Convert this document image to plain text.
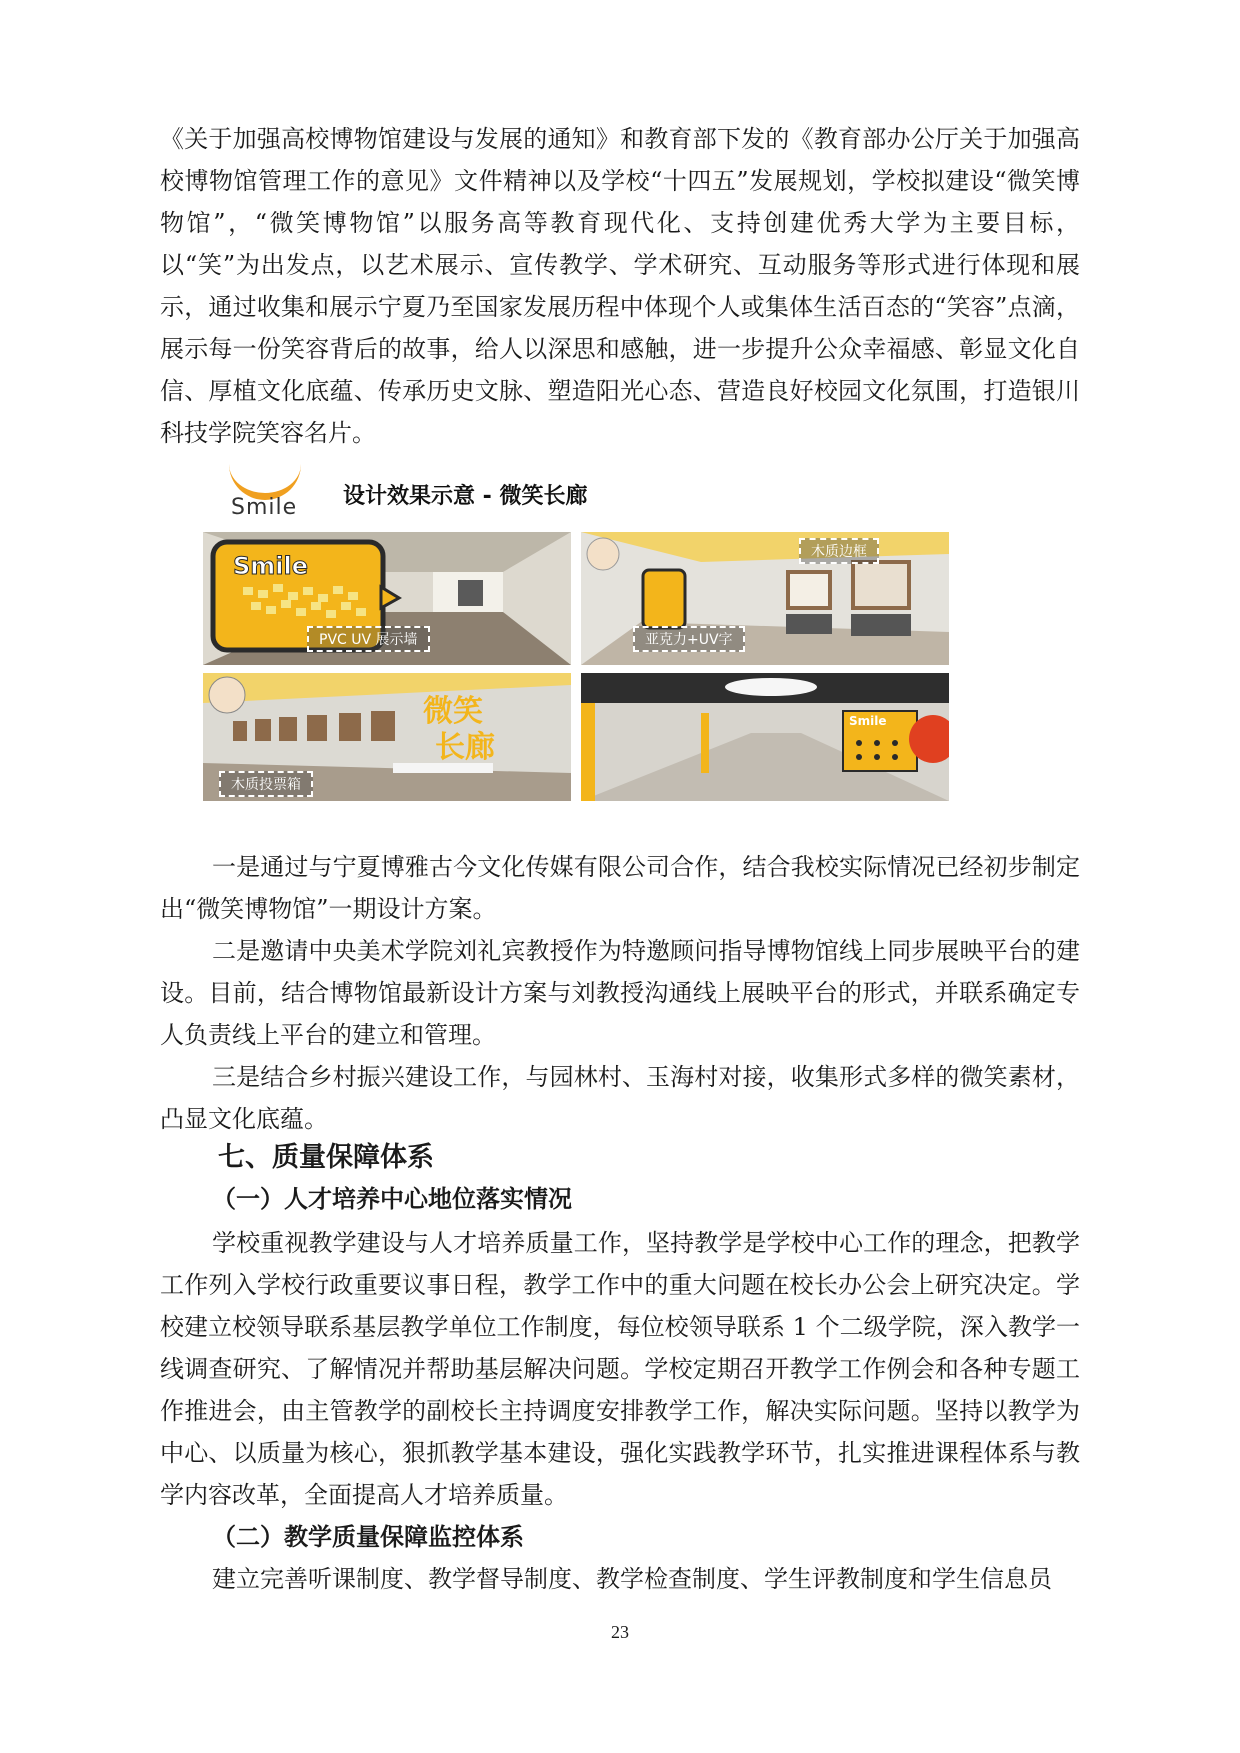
《关于加强高校博物馆建设与发展的通知》和教育部下发的《教育部办公厅关于加强高校博物馆管理工作的意见》文件精神以及学校“十四五”发展规划，学校拟建设“微笑博物馆”，“微笑博物馆”以服务高等教育现代化、支持创建优秀大学为主要目标，以“笑”为出发点，以艺术展示、宣传教学、学术研究、互动服务等形式进行体现和展示，通过收集和展示宁夏乃至国家发展历程中体现个人或集体生活百态的“笑容”点滴，展示每一份笑容背后的故事，给人以深思和感触，进一步提升公众幸福感、彰显文化自信、厚植文化底蕴、传承历史文脉、塑造阳光心态、营造良好校园文化氛围，打造银川科技学院笑容名片。

Smile 设计效果示意 - 微笑长廊
Smile
PVC UV 展示墙
木质边框
亚克力+UV字
微笑
长廊
木质投票箱
Smile

一是通过与宁夏博雅古今文化传媒有限公司合作，结合我校实际情况已经初步制定出“微笑博物馆”一期设计方案。

二是邀请中央美术学院刘礼宾教授作为特邀顾问指导博物馆线上同步展映平台的建设。目前，结合博物馆最新设计方案与刘教授沟通线上展映平台的形式，并联系确定专人负责线上平台的建立和管理。

三是结合乡村振兴建设工作，与园林村、玉海村对接，收集形式多样的微笑素材，凸显文化底蕴。

七、质量保障体系
（一）人才培养中心地位落实情况

学校重视教学建设与人才培养质量工作，坚持教学是学校中心工作的理念，把教学工作列入学校行政重要议事日程，教学工作中的重大问题在校长办公会上研究决定。学校建立校领导联系基层教学单位工作制度，每位校领导联系 1 个二级学院，深入教学一线调查研究、了解情况并帮助基层解决问题。学校定期召开教学工作例会和各种专题工作推进会，由主管教学的副校长主持调度安排教学工作，解决实际问题。坚持以教学为中心、以质量为核心，狠抓教学基本建设，强化实践教学环节，扎实推进课程体系与教学内容改革，全面提高人才培养质量。

（二）教学质量保障监控体系

建立完善听课制度、教学督导制度、教学检查制度、学生评教制度和学生信息员

23
